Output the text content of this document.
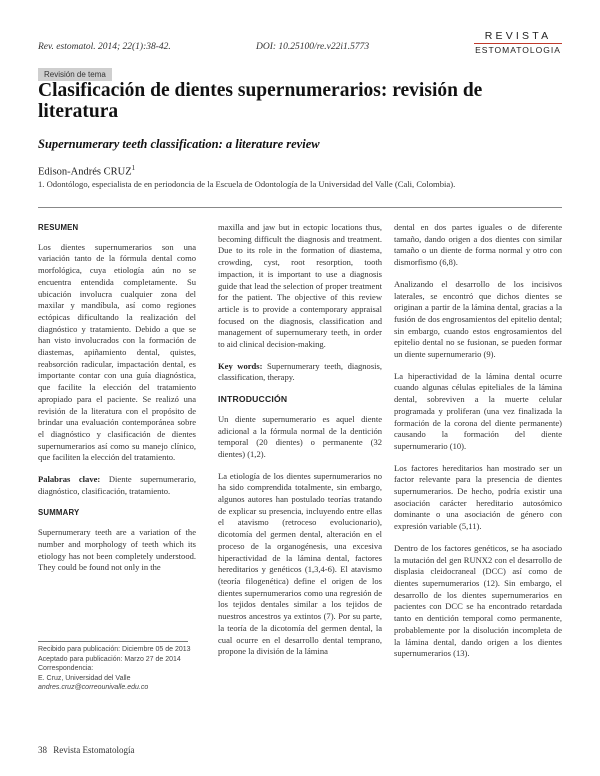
Rev. estomatol. 2014; 22(1):38-42.	DOI: 10.25100/re.v22i1.5773
REVISTA
ESTOMATOLOGIA
Revisión de tema
Clasificación de dientes supernumerarios: revisión de literatura
Supernumerary teeth classification: a literature review
Edison-Andrés CRUZ$^1$
1. Odontólogo, especialista de en periodoncia de la Escuela de Odontología de la Universidad del Valle (Cali, Colombia).
RESUMEN

Los dientes supernumerarios son una variación tanto de la fórmula dental como morfológica, cuya etiología aún no se encuentra entendida completamente. Su ubicación involucra cualquier zona del maxilar y mandíbula, así como regiones ectópicas dificultando la realización del diagnóstico y tratamiento. Debido a que se han visto involucrados con la formación de diastemas, apiñamiento dental, quistes, reabsorción radicular, impactación dental, es importante contar con una guía diagnóstica, que facilite la elección del tratamiento apropiado para el paciente. Se realizó una revisión de la literatura con el propósito de brindar una evaluación contemporánea sobre el diagnóstico y clasificación de dientes supernumerarios así como su manejo clínico, que faciliten la elección del tratamiento.

Palabras clave: Diente supernumerario, diagnóstico, clasificación, tratamiento.

SUMMARY

Supernumerary teeth are a variation of the number and morphology of teeth which its etiology has not been completely understood. They could be found not only in the

maxilla and jaw but in ectopic locations thus, becoming difficult the diagnosis and treatment. Due to its role in the formation of diastema, crowding, cyst, root resorption, tooth impaction, it is important to use a diagnosis guide that lead the selection of proper treatment for the patient. The objective of this review article is to provide a contemporary appraisal focused on the diagnosis, classification and management of supernumerary teeth, in order to aid clinical decision-making.

Key words: Supernumerary teeth, diagnosis, classification, therapy.

INTRODUCCIÓN

Un diente supernumerario es aquel diente adicional a la fórmula normal de la dentición temporal (20 dientes) o permanente (32 dientes) (1,2).

La etiología de los dientes supernumerarios no ha sido comprendida totalmente, sin embargo, algunos autores han postulado teorías tratando de explicar su presencia, incluyendo entre ellas el atavismo (retroceso evolucionario), dicotomía del germen dental, alteración en el proceso de la organogénesis, una excesiva hiperactividad de la lámina dental, factores hereditarios y genéticos (1,3,4-6). El atavismo (teoría filogenética) define el origen de los dientes supernumerarios como una regresión de los tejidos dentales similar a los tejidos de nuestros ancestros ya extintos (7). Por su parte, la teoría de la dicotomía del germen dental, la cual ocurre en el desarrollo dental temprano, propone la división de la lámina

dental en dos partes iguales o de diferente tamaño, dando origen a dos dientes con similar tamaño o un diente de forma normal y otro con dismorfismo (6,8).

Analizando el desarrollo de los incisivos laterales, se encontró que dichos dientes se originan a partir de la lámina dental, gracias a la fusión de dos engrosamientos del epitelio dental; sin embargo, cuando estos engrosamientos del epitelio dental no se fusionan, se pueden formar un diente supernumerario (9).

La hiperactividad de la lámina dental ocurre cuando algunas células epiteliales de la lámina dental, sobreviven a la muerte celular programada y proliferan (una vez finalizada la formación de la corona del diente permanente) causando la formación del diente supernumerario (10).

Los factores hereditarios han mostrado ser un factor relevante para la presencia de dientes supernumerarios. De hecho, podría existir una asociación carácter hereditario autosómico dominante o una asociación de género con expresión variable (5,11).

Dentro de los factores genéticos, se ha asociado la mutación del gen RUNX2 con el desarrollo de displasia cleidocraneal (DCC) así como de dientes supernumerarios (12). Sin embargo, el desarrollo de los dientes supernumerarios en pacientes con DCC se ha encontrado retardada tanto en dentición temporal como permanente, probablemente por la disolución incompleta de la lámina dental, dando origen a los dientes supernumerarios (13).

Recibido para publicación: Diciembre 05 de 2013
Aceptado para publicación: Marzo 27 de 2014
Correspondencia:
E. Cruz, Universidad del Valle
andres.cruz@correounivalle.edu.co
38 Revista Estomatología
